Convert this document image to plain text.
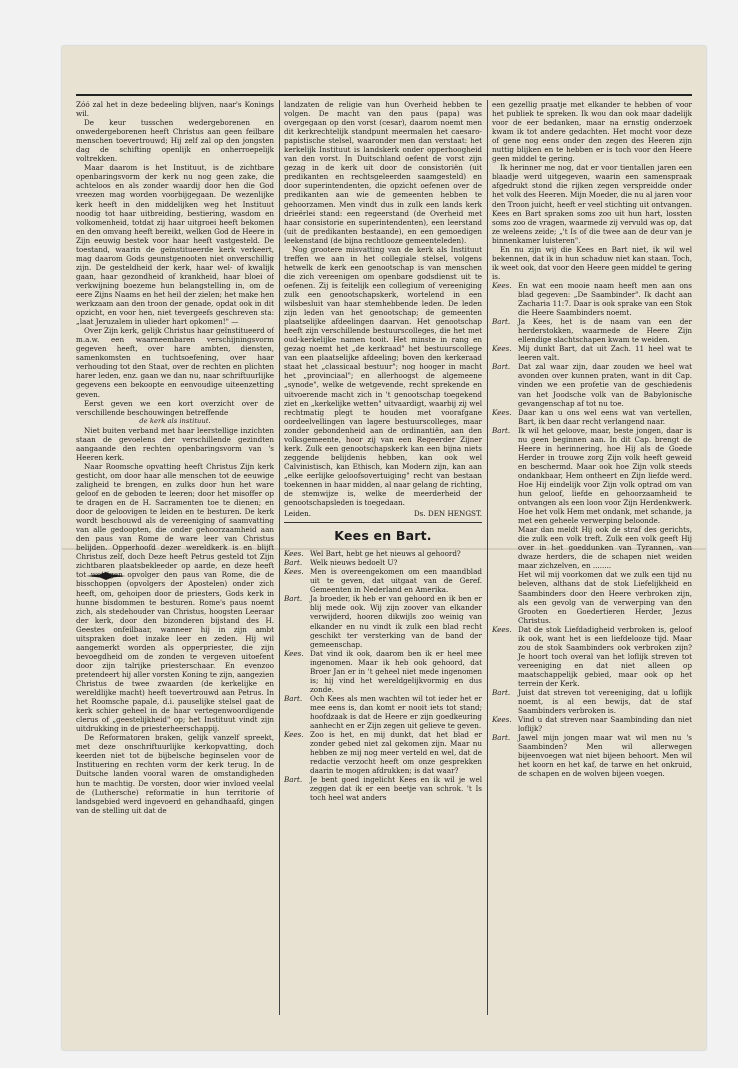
Zóó zal het in deze bedeeling blijven, naar's Konings wil.

De keur tusschen wedergeborenen en onwedergeborenen heeft Christus aan geen feilbare menschen toevertrouwd; Hij zelf zal op den jongsten dag de schifting openlijk en onherroepelijk voltrekken.

Maar daarom is het Instituut, is de zichtbare openbaringsvorm der kerk nu nog geen zake, die achteloos en als zonder waardij door hen die God vreezen mag worden voorbijgegaan. De wezenlijke kerk heeft in den middelijken weg het Instituut noodig tot haar uitbreiding, bestiering, wasdom en volkomenheid, totdat zij haar uitgroei heeft bekomen en den omvang heeft bereikt, welken God de Heere in Zijn eeuwig bestek voor haar heeft vastgesteld. De toestand, waarin de geïnstitueerde kerk verkeert, mag daarom Gods geunstgenooten niet onverschillig zijn. De gesteldheid der kerk, haar wel- of kwalijk gaan, haar gezondheid of krankheid, haar bloei of verkwijning boezeme hun belangstelling in, om de eere Zijns Naams en het heil der zielen; het make hen werkzaam aan den troon der genade, opdat ook in dit opzicht, en voor hen, niet tevergeefs geschreven sta: „laat Jeruzalem in ulieder hart opkomen!" —

Over Zijn kerk, gelijk Christus haar geïnstitueerd of m.a.w. een waarneembaren verschijningsvorm gegeven heeft, over hare ambten, diensten, samenkomsten en tuchtsoefening, over haar verhouding tot den Staat, over de rechten en plichten harer leden, enz. gaan we dan nu, naar schriftuurlijke gegevens een bekoopte en eenvoudige uiteenzetting geven.

Eerst geven we een kort overzicht over de verschillende beschouwingen betreffende

de kerk als instituut.

Niet buiten verband met haar leerstellige inzichten staan de gevoelens der verschillende gezindten aangaande den rechten openbaringsvorm van 's Heeren kerk.

Naar Roomsche opvatting heeft Christus Zijn kerk gesticht, om door haar alle menschen tot de eeuwige zaligheid te brengen, en zulks door hun het ware geloof en de geboden te leeren; door het misoffer op te dragen en de H. Sacramenten toe te dienen; en door de geloovigen te leiden en te besturen. De kerk wordt beschouwd als de vereeniging of saamvatting van alle gedoopten, die onder gehoorzaamheid aan den paus van Rome de ware leer van Christus belijden. Opperhoofd dezer wereldkerk is en blijft Christus zelf, doch Deze heeft Petrus gesteld tot Zijn zichtbaren plaatsbekleeder op aarde, en deze heeft tot wettigen opvolger den paus van Rome, die de bisschoppen (opvolgers der Apostelen) onder zich heeft, om, gehoipen door de priesters, Gods kerk in hunne bisdommen te besturen. Rome's paus noemt zich, als stedehouder van Christus, hoogsten Leeraar der kerk, door den bizonderen bijstand des H. Geestes onfeilbaar, wanneer hij in zijn ambt uitspraken doet inzake leer en zeden. Hij wil aangemerkt worden als opperpriester, die zijn bevoegdheid om de zonden te vergeven uitoefent door zijn talrijke priesterschaar. En evenzoo pretendeert hij aller vorsten Koning te zijn, aangezien Christus de twee zwaarden (de kerkelijke en wereldlijke macht) heeft toevertrouwd aan Petrus. In het Roomsche papale, d.i. pauselijke stelsel gaat de kerk schier geheel in de haar vertegenwoordigende clerus of „geestelijkheid" op; het Instituut vindt zijn uitdrukking in de priesterheerschappij.

De Reformatoren braken, gelijk vanzelf spreekt, met deze onschriftuurlijke kerkopvatting, doch keerden niet tot de bijbelsche beginselen voor de Instituering en rechten vorm der kerk terug. In de Duitsche landen vooral waren de omstandigheden hun te machtig. De vorsten, door wier invloed veelal de (Luthersche) reformatie in hun territorie of landsgebied werd ingevoerd en gehandhaafd, gingen van de stelling uit dat de

landzaten de religie van hun Overheid hebben te volgen. De macht van den paus (papa) was overgegaan op den vorst (cesar), daarom noemt men dit kerkrechtelijk standpunt meermalen het caesaro-papistische stelsel, waaronder men dan verstaat: het kerkelijk Instituut is landskerk onder opperhoogheid van den vorst. In Duitschland oefent de vorst zijn gezag in de kerk uit door de consistoriën (uit predikanten en rechtsgeleerden saamgesteld) en door superintendenten, die opzicht oefenen over de predikanten aan wie de gemeenten hebben te gehoorzamen. Men vindt dus in zulk een lands kerk drieërlei stand: een regeerstand (de Overheid met haar consistorie en superintendenten), een leerstand (uit de predikanten bestaande), en een gemoedigen leekenstand (de bijna rechtlooze gemeenteleden).

Nog grootere misvatting van de kerk als Instituut treffen we aan in het collegiale stelsel, volgens hetwelk de kerk een genootschap is van menschen die zich vereenigen om openbare godsdienst uit te oefenen. Zij is feitelijk een collegium of vereeniging zulk een genootschapskerk, wortelend in een wilsbesluit van haar stemhebbende leden. De leden zijn leden van het genootschap; de gemeenten plaatselijke afdeelingen daarvan. Het genootschap heeft zijn verschillende bestuurscolleges, die het met oud-kerkelijke namen tooit. Het minste in rang en gezag noemt het „de kerkraad" het bestuurscollege van een plaatselijke afdeeling; boven den kerkeraad staat het „classicaal bestuur"; nog hooger in macht het „provinciaal"; en allerhoogst de algemeene „synode", welke de wetgevende, recht sprekende en uitvoerende macht zich in 't genootschap toegekend ziet en „kerkelijke wetten" uitvaardigt, waarbij zij wel rechtmatig plegt te houden met voorafgane oordeelvellingen van lagere bestuurscolleges, maar zonder gebondenheid aan de ordinantiën, aan den volksgemeente, hoor zij van een Regeerder Zijner kerk. Zulk een genootschapskerk kan een bijna niets zeggende belijdenis hebben, kan ook wel Calvinistisch, kan Ethisch, kan Modern zijn, kan aan „elke eerlijke geloofsovertuiging" recht van bestaan toekennen in haar midden, al naar gelang de richting, de stemwijze is, welke de meerderheid der genootschapsleden is toegedaan.

Leiden.	Ds. DEN HENGST.
Kees en Bart.
Kees. Wel Bart, hebt ge het nieuws al gehoord?
Bart.	Welk nieuws bedoelt U?
Kees. Men is overeengekomen om een maandblad uit te geven, dat uitgaat van de Geref. Gemeenten in Nederland en Amerika.
Bart.	Ja broeder, ik heb er van gehoord en ik ben er blij mede ook. Wij zijn zoover van elkander verwijderd, hooren dikwijls zoo weinig van elkander en nu vindt ik zulk een blad recht geschikt ter versterking van de band der gemeenschap.
Kees. Dat vind ik ook, daarom ben ik er heel mee ingenomen. Maar ik heb ook gehoord, dat Broer Jan er in 't geheel niet mede ingenomen is; hij vind het wereldgelijkvormig en dus zonde.
Bart.	Och Kees als men wachten wil tot ieder het er mee eens is, dan komt er nooit iets tot stand; hoofdzaak is dat de Heere er zijn goedkeuring aanhecht en er Zijn zegen uit gelieve te geven.
Kees. Zoo is het, en mij dunkt, dat het blad er zonder gebed niet zal gekomen zijn. Maar nu hebben ze mij nog meer verteld en wel, dat de redactie verzocht heeft om onze gesprekken daarin te mogen afdrukken; is dat waar?
Bart.	Je bent goed ingelicht Kees en ik wil je wel zeggen dat ik er een beetje van schrok. 't Is toch heel wat anders

een gezellig praatje met elkander te hebben of voor het publiek te spreken. Ik wou dan ook maar dadelijk voor de eer bedanken, maar na ernstig onderzoek kwam ik tot andere gedachten. Het mocht voor deze of gene nog eens onder den zegen des Heeren zijn nuttig blijken en te hebben er is toch voor den Heere geen middel te gering.

Ik herinner me nog, dat er voor tientallen jaren een blaadje werd uitgegeven, waarin een samenspraak afgedrukt stond die rijken zegen verspreidde onder het volk des Heeren. Mijn Moeder, die nu al jaren voor den Troon juicht, heeft er veel stichting uit ontvangen. Kees en Bart spraken soms zoo uit hun hart, lossten soms zoo de vragen, waarmede zij vervuld was op, dat ze weleens zeide; „'t Is of die twee aan de deur van je binnenkamer luisteren".

En nu zijn wij die Kees en Bart niet, ik wil wel bekennen, dat ik in hun schaduw niet kan staan. Toch, ik weet ook, dat voor den Heere geen middel te gering is.

Kees. En wat een mooie naam heeft men aan ons blad gegeven: „De Saambinder". Ik dacht aan Zacharia 11:7. Daar is ook sprake van een Stok die Heere Saambinders noemt.
Bart.	Ja Kees, het is de naam van een der herderstokken, waarmede de Heere Zijn ellendige slachtschapen kwam te weiden.
Kees. Mij dunkt Bart, dat uit Zach. 11 heel wat te leeren valt.
Bart.	Dat zal waar zijn, daar zouden we heel wat avonden over kunnen praten, want in dit Cap. vinden we een profetie van de geschiedenis van het Joodsche volk van de Babylonische gevangenschap af tot nu toe.
Kees. Daar kan u ons wel eens wat van vertellen, Bart, ik ben daar recht verlangend naar.
Bart.	Ik wil het geloove, maar, beste jongen, daar is nu geen beginnen aan. In dit Cap. brengt de Heere in herinnering, hoe Hij als de Goede Herder in trouwe zorg Zijn volk heeft geweid en beschermd. Maar ook hoe Zijn volk steeds ondankbaar, Hem ontheert en Zijn liefde werd. Hoe Hij eindelijk voor Zijn volk optrad om van hun geloof, liefde en gehoorzaamheid te ontvangen als een loon voor Zijn Herdenkwerk. Hoe het volk Hem met ondank, met schande, ja met een geheele verwerping beloonde.
Maar dan meldt Hij ook de straf des gerichts, die zulk een volk treft. Zulk een volk geeft Hij over in het goeddunken van Tyrannen, van dwaze herders, die de schapen niet weiden maar zichzelven, en ........
Het wil mij voorkomen dat we zulk een tijd nu beleven, althans dat de stok Liefelijkheid en Saambinders door den Heere verbroken zijn, als een gevolg van de verwerping van den Grooten en Goedertieren Herder, Jezus Christus.
Kees. Dat de stok Liefdadigheid verbroken is, geloof ik ook, want het is een liefdelooze tijd. Maar zou de stok Saambinders ook verbroken zijn? Je hoort toch overal van het loflijk streven tot vereeniging en dat niet alleen op maatschappelijk gebied, maar ook op het terrein der Kerk.
Bart.	Juist dat streven tot vereeniging, dat u loflijk noemt, is al een bewijs, dat de staf Saambinders verbroken is.
Kees. Vind u dat streven naar Saambinding dan niet loflijk?
Bart.	Jawel mijn jongen maar wat wil men nu 's Saambinden? Men wil allerwegen bijeenvoegen wat niet bijeen behoort. Men wil het koorn en het kaf, de tarwe en het onkruid, de schapen en de wolven bijeen voegen.
